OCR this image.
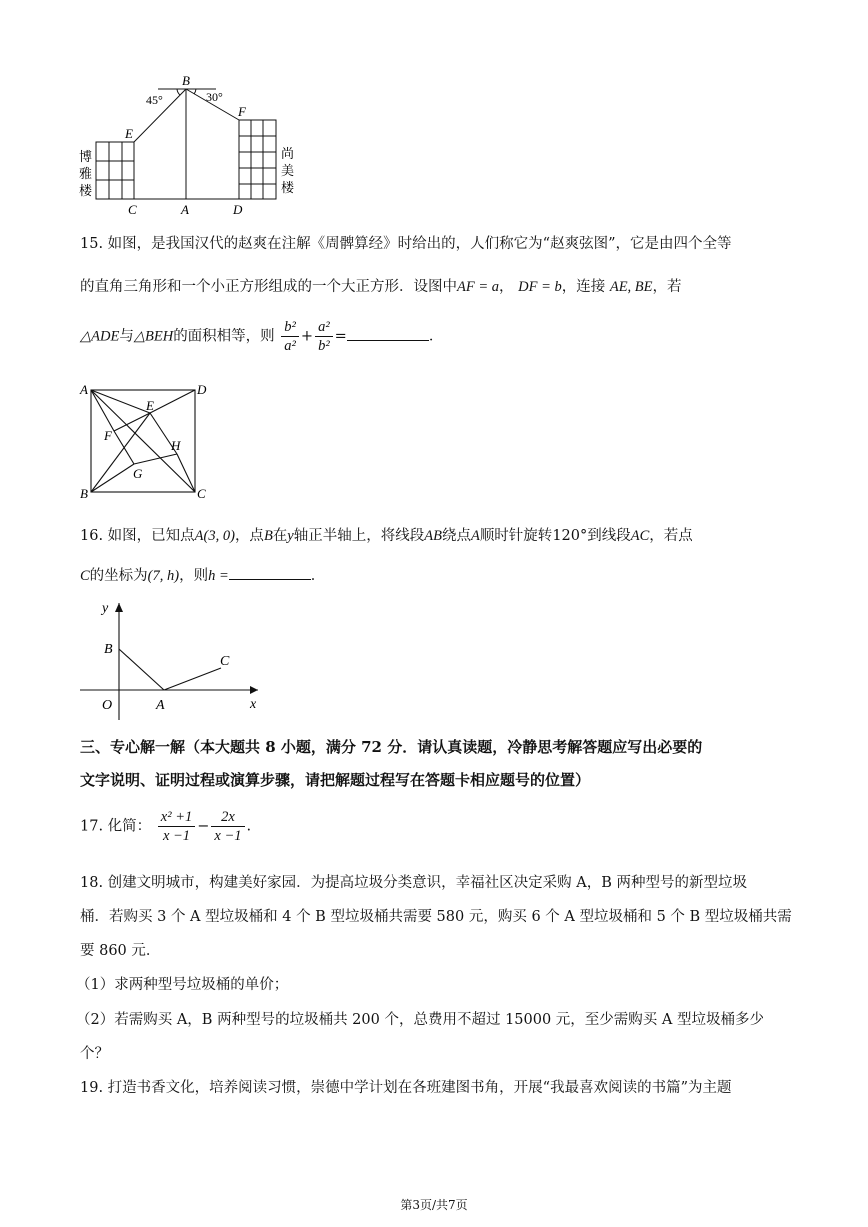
B
45°	30°
E
F
C	A	D
博
雅
楼
尚
美
楼
15. 如图，是我国汉代的赵爽在注解《周髀算经》时给出的，人们称它为“赵爽弦图”，它是由四个全等
的直角三角形和一个小正方形组成的一个大正方形．设图中AF = a， DF = b，连接 AE, BE，若
△ADE与△BEH的面积相等，则 $\frac{\text{b²}}{\text{a²}} + \frac{\text{a²}}{\text{b²}}$ =	．
A	D
B	C
E
F
G
H
16. 如图，已知点A(3, 0)，点B在y轴正半轴上，将线段AB绕点A顺时针旋转120°到线段AC，若点
C的坐标为(7, h)，则h =	．
y
x
O
B
A
C
三、专心解一解（本大题共 8 小题，满分 72 分．请认真读题，冷静思考解答题应写出必要的
文字说明、证明过程或演算步骤，请把解题过程写在答题卡相应题号的位置）
17. 化简： $\frac{\text{x² +1}}{x -1} - \frac{2x}{x -1}$ .
18. 创建文明城市，构建美好家园．为提高垃圾分类意识，幸福社区决定采购 A，B 两种型号的新型垃圾
桶．若购买 3 个 A 型垃圾桶和 4 个 B 型垃圾桶共需要 580 元，购买 6 个 A 型垃圾桶和 5 个 B 型垃圾桶共需
要 860 元．
（1）求两种型号垃圾桶的单价；
（2）若需购买 A，B 两种型号的垃圾桶共 200 个，总费用不超过 15000 元，至少需购买 A 型垃圾桶多少
个？
19. 打造书香文化，培养阅读习惯，崇德中学计划在各班建图书角，开展“我最喜欢阅读的书篇”为主题
第3页/共7页
